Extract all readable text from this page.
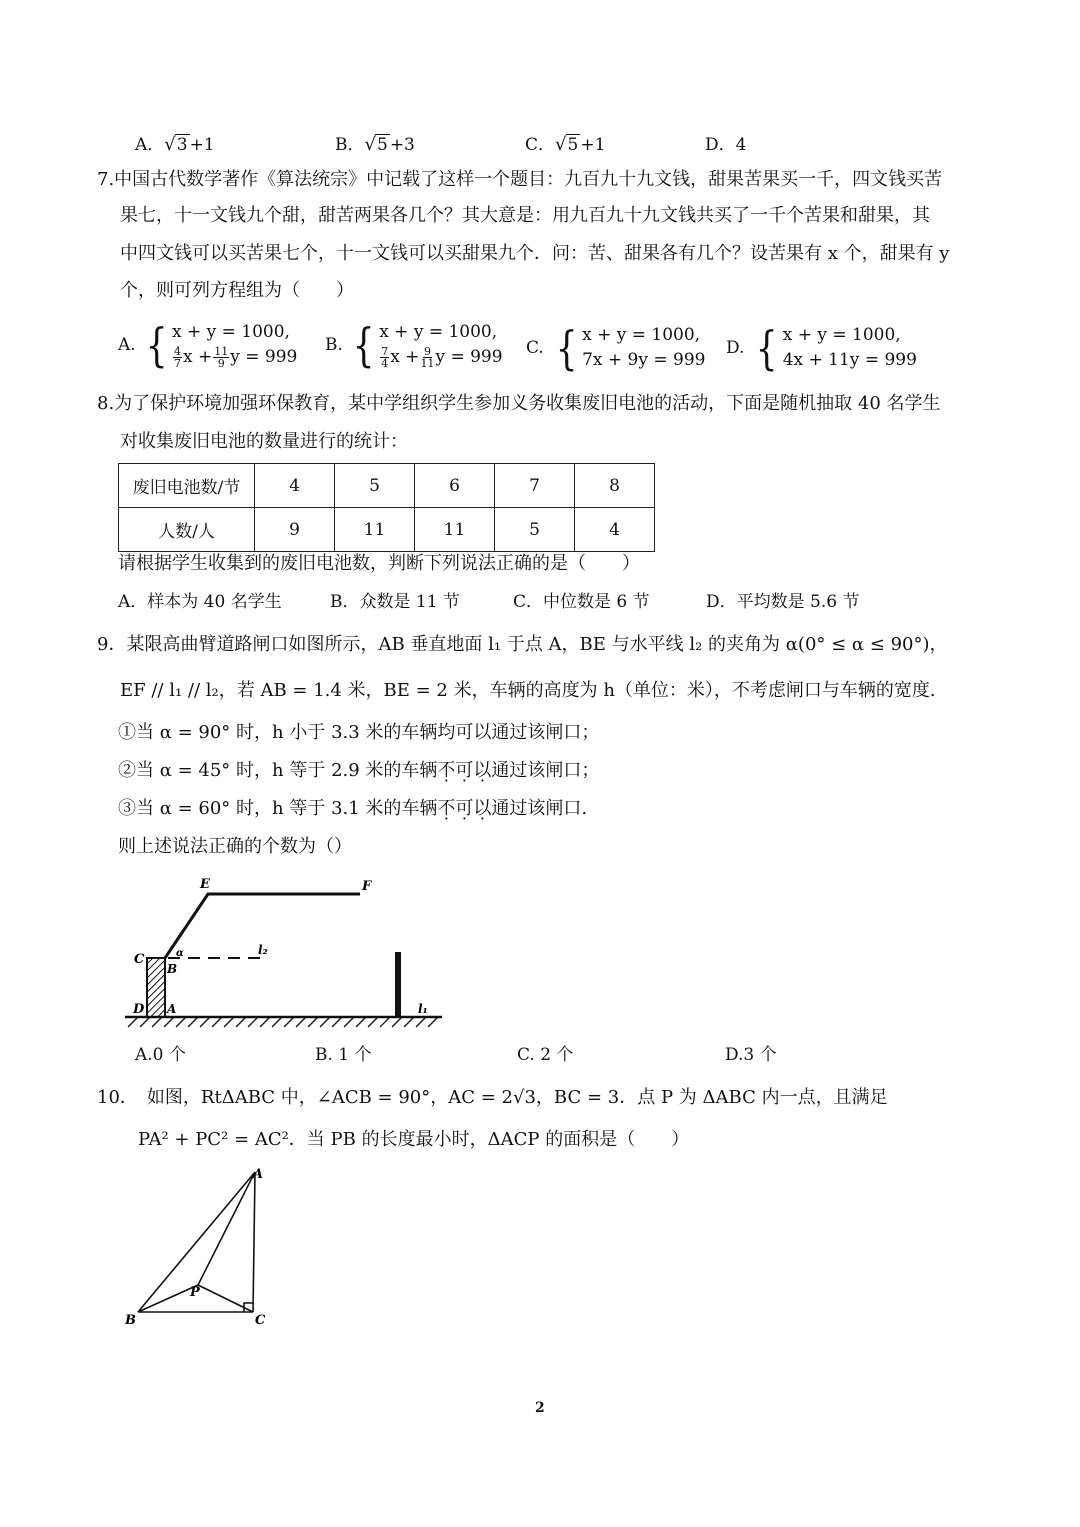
A．√3 +1	B．√5 +3	C．√5 +1	D．4
7.中国古代数学著作《算法统宗》中记载了这样一个题目：九百九十九文钱，甜果苦果买一千，四文钱买苦
果七，十一文钱九个甜，甜苦两果各几个？其大意是：用九百九十九文钱共买了一千个苦果和甜果，其
中四文钱可以买苦果七个，十一文钱可以买甜果九个．问：苦、甜果各有几个？设苦果有 x 个，甜果有 y
个，则可列方程组为（　　）
A. { x + y = 1000,
$\frac{4}{7}$ $x + \frac{11}{9}$ y = 999
B. { x + y = 1000,
$\frac{7}{4}$ $x + \frac{9}{11}$ y = 999 C. { x + y = 1000,
7x + 9y = 999
D. { x + y = 1000,
4x + 11y = 999
8.为了保护环境加强环保教育，某中学组织学生参加义务收集废旧电池的活动，下面是随机抽取 40 名学生
对收集废旧电池的数量进行的统计：
废旧电池数/节	4	5	6	7	8
人数/人	9	11	11	5	4
请根据学生收集到的废旧电池数，判断下列说法正确的是（　　）
A．样本为 40 名学生	B．众数是 11 节	C．中位数是 6 节	D．平均数是 5.6 节
9．某限高曲臂道路闸口如图所示，AB 垂直地面 l₁ 于点 A，BE 与水平线 l₂ 的夹角为 α(0° ≤ α ≤ 90°)，
EF // l₁ // l₂，若 AB = 1.4 米，BE = 2 米，车辆的高度为 h（单位：米），不考虑闸口与车辆的宽度.
①当 α = 90° 时，h 小于 3.3 米的车辆均可以通过该闸口；
②当 α = 45° 时，h 等于 2.9 米的车辆不可以通过该闸口；
③当 α = 60° 时，h 等于 3.1 米的车辆不可以通过该闸口.
则上述说法正确的个数为（）
E	F
C
B
α
D A
l₂
l₁
A.0 个	B. 1 个	C. 2 个	D.3 个
10．　如图，RtΔABC 中，∠ACB = 90°，AC = 2√3，BC = 3．点 P 为 ΔABC 内一点，且满足
PA² + PC² = AC²．当 PB 的长度最小时，ΔACP 的面积是（　　）
A
B	C
P
2
